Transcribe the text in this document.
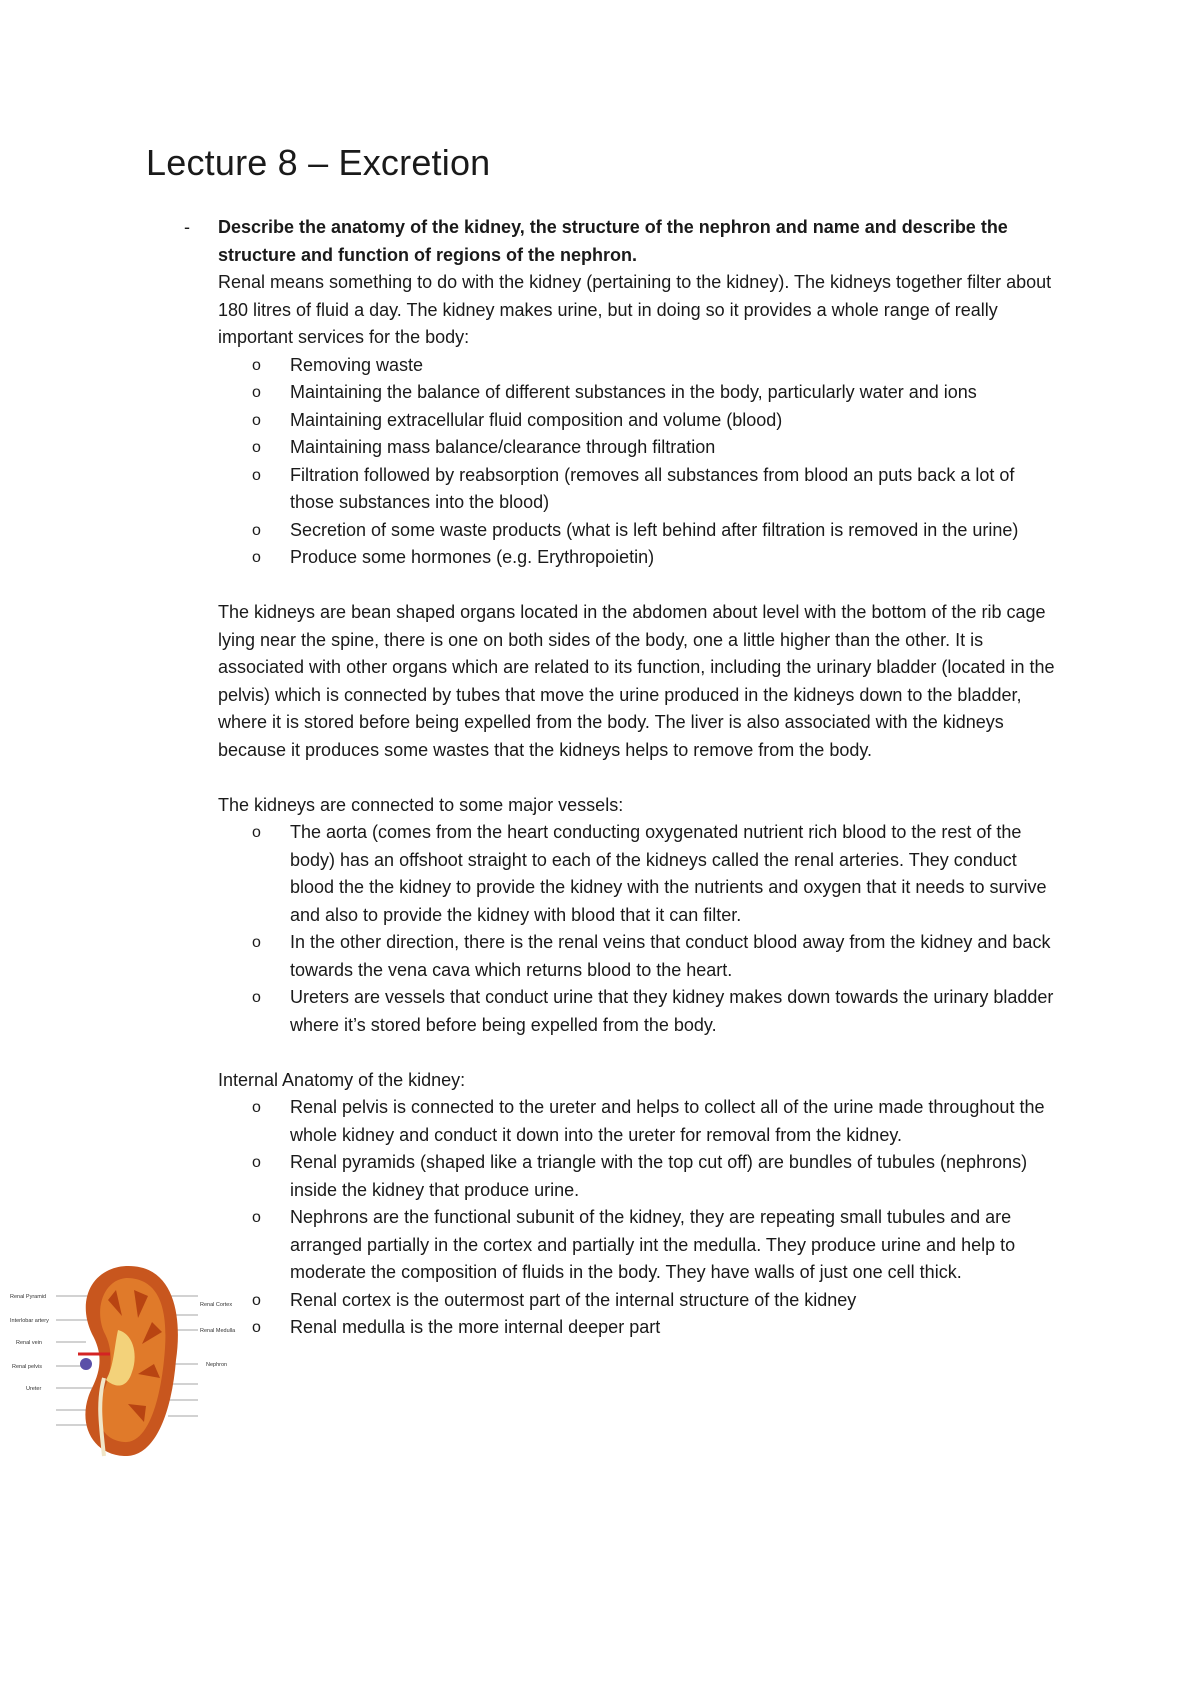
Lecture 8 – Excretion
- Describe the anatomy of the kidney, the structure of the nephron and name and describe the structure and function of regions of the nephron.

Renal means something to do with the kidney (pertaining to the kidney). The kidneys together filter about 180 litres of fluid a day. The kidney makes urine, but in doing so it provides a whole range of really important services for the body:

o Removing waste
o Maintaining the balance of different substances in the body, particularly water and ions
o Maintaining extracellular fluid composition and volume (blood)
o Maintaining mass balance/clearance through filtration
o Filtration followed by reabsorption (removes all substances from blood an puts back a lot of those substances into the blood)
o Secretion of some waste products (what is left behind after filtration is removed in the urine)
o Produce some hormones (e.g. Erythropoietin)

The kidneys are bean shaped organs located in the abdomen about level with the bottom of the rib cage lying near the spine, there is one on both sides of the body, one a little higher than the other. It is associated with other organs which are related to its function, including the urinary bladder (located in the pelvis) which is connected by tubes that move the urine produced in the kidneys down to the bladder, where it is stored before being expelled from the body. The liver is also associated with the kidneys because it produces some wastes that the kidneys helps to remove from the body.

The kidneys are connected to some major vessels:

o The aorta (comes from the heart conducting oxygenated nutrient rich blood to the rest of the body) has an offshoot straight to each of the kidneys called the renal arteries. They conduct blood the the kidney to provide the kidney with the nutrients and oxygen that it needs to survive and also to provide the kidney with blood that it can filter.
o In the other direction, there is the renal veins that conduct blood away from the kidney and back towards the vena cava which returns blood to the heart.
o Ureters are vessels that conduct urine that they kidney makes down towards the urinary bladder where it’s stored before being expelled from the body.

Internal Anatomy of the kidney:

o Renal pelvis is connected to the ureter and helps to collect all of the urine made throughout the whole kidney and conduct it down into the ureter for removal from the kidney.
o Renal pyramids (shaped like a triangle with the top cut off) are bundles of tubules (nephrons) inside the kidney that produce urine.
o Nephrons are the functional subunit of the kidney, they are repeating small tubules and are arranged partially in the cortex and partially int the medulla. They produce urine and help to moderate the composition of fluids in the body. They have walls of just one cell thick.
o Renal cortex is the outermost part of the internal structure of the kidney
o Renal medulla is the more internal deeper part
Renal Pyramid
Interlobar artery
Renal vein
Renal pelvis
Ureter
Renal Cortex
Renal Medulla
Nephron
